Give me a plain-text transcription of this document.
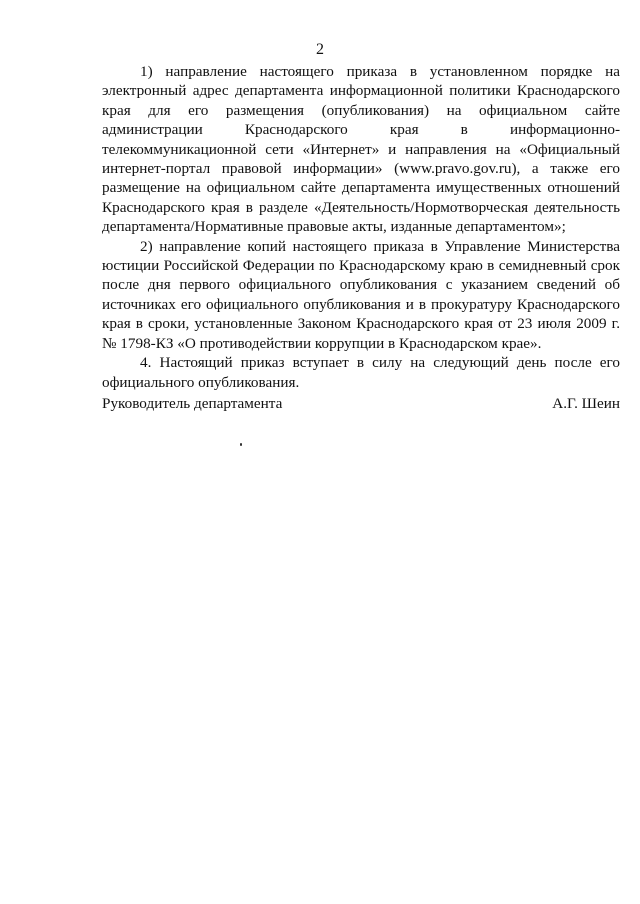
2

1) направление настоящего приказа в установленном порядке на электронный адрес департамента информационной политики Краснодарского края для его размещения (опубликования) на официальном сайте администрации Краснодарского края в информационно-телекоммуникационной сети «Интернет» и направления на «Официальный интернет-портал правовой информации» (www.pravo.gov.ru), а также его размещение на официальном сайте департамента имущественных отношений Краснодарского края в разделе «Деятельность/Нормотворческая деятельность департамента/Нормативные правовые акты, изданные департаментом»;

2) направление копий настоящего приказа в Управление Министерства юстиции Российской Федерации по Краснодарскому краю в семидневный срок после дня первого официального опубликования с указанием сведений об источниках его официального опубликования и в прокуратуру Краснодарского края в сроки, установленные Законом Краснодарского края от 23 июля 2009 г. № 1798-КЗ «О противодействии коррупции в Краснодарском крае».

4. Настоящий приказ вступает в силу на следующий день после его официального опубликования.

Руководитель департамента	А.Г. Шеин
